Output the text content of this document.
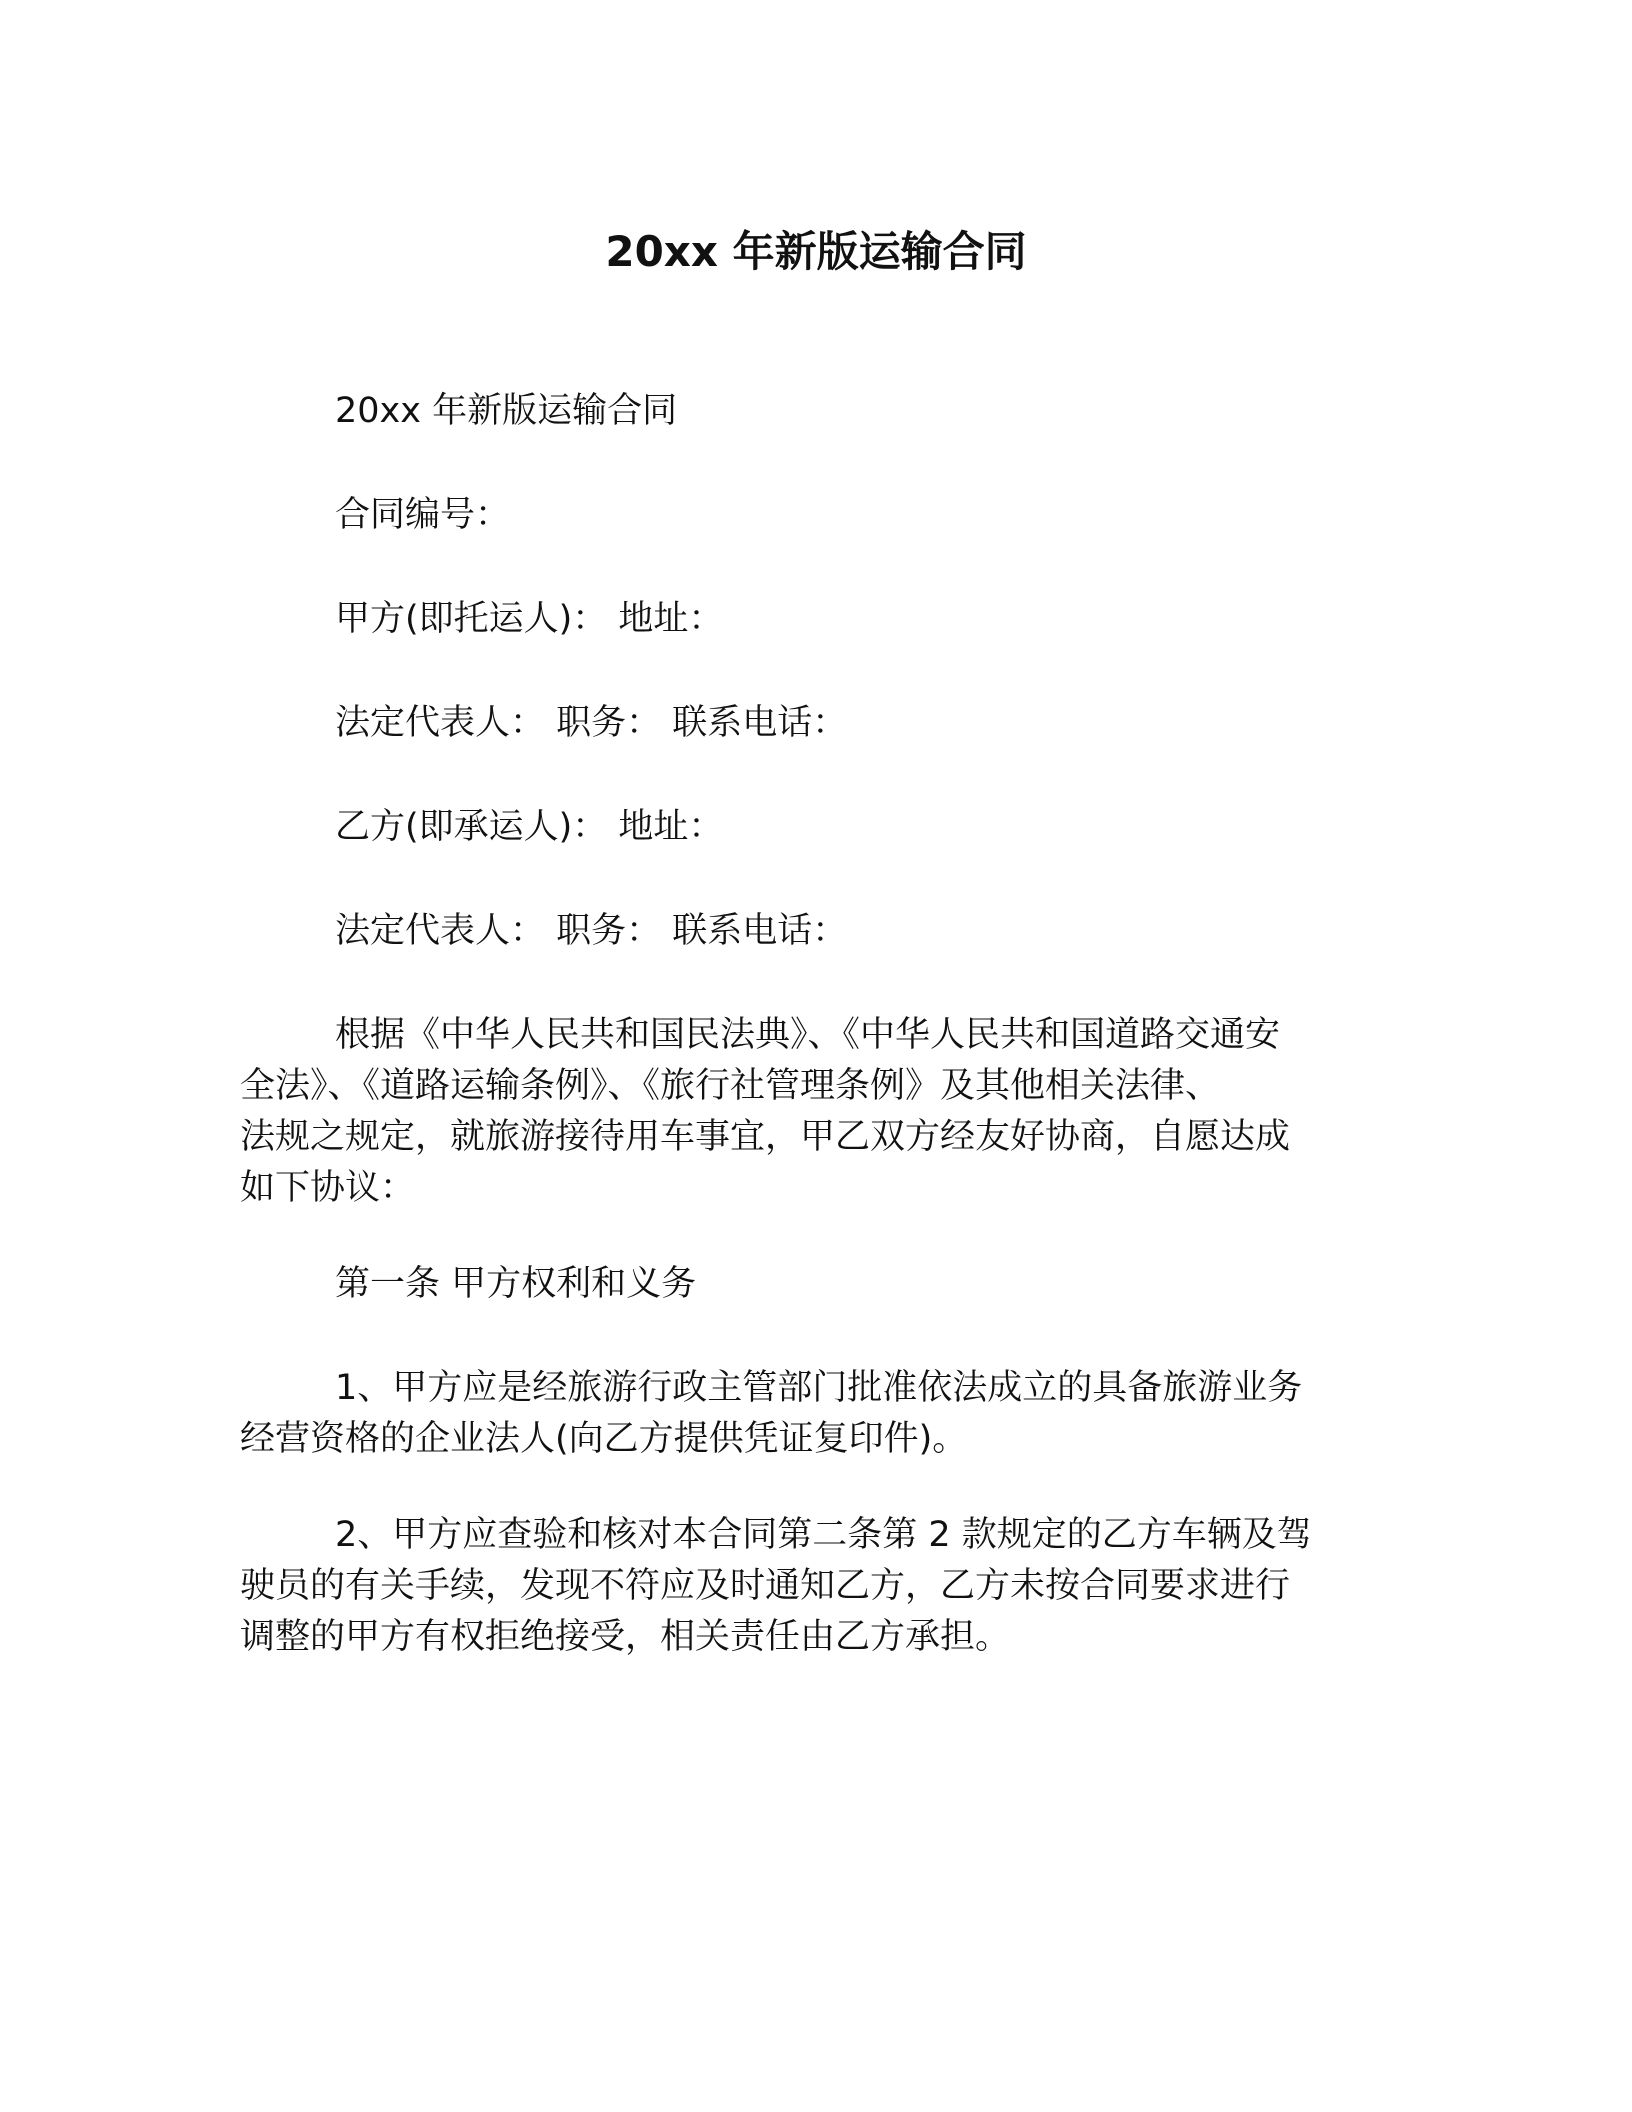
20xx 年新版运输合同

20xx 年新版运输合同

合同编号：

甲方(即托运人)： 地址：

法定代表人： 职务： 联系电话：

乙方(即承运人)： 地址：

法定代表人： 职务： 联系电话：

根据《中华人民共和国民法典》、《中华人民共和国道路交通安
全法》、《道路运输条例》、《旅行社管理条例》及其他相关法律、
法规之规定，就旅游接待用车事宜，甲乙双方经友好协商，自愿达成
如下协议：

第一条 甲方权利和义务

1、甲方应是经旅游行政主管部门批准依法成立的具备旅游业务
经营资格的企业法人(向乙方提供凭证复印件)。

2、甲方应查验和核对本合同第二条第 2 款规定的乙方车辆及驾
驶员的有关手续，发现不符应及时通知乙方，乙方未按合同要求进行
调整的甲方有权拒绝接受，相关责任由乙方承担。
